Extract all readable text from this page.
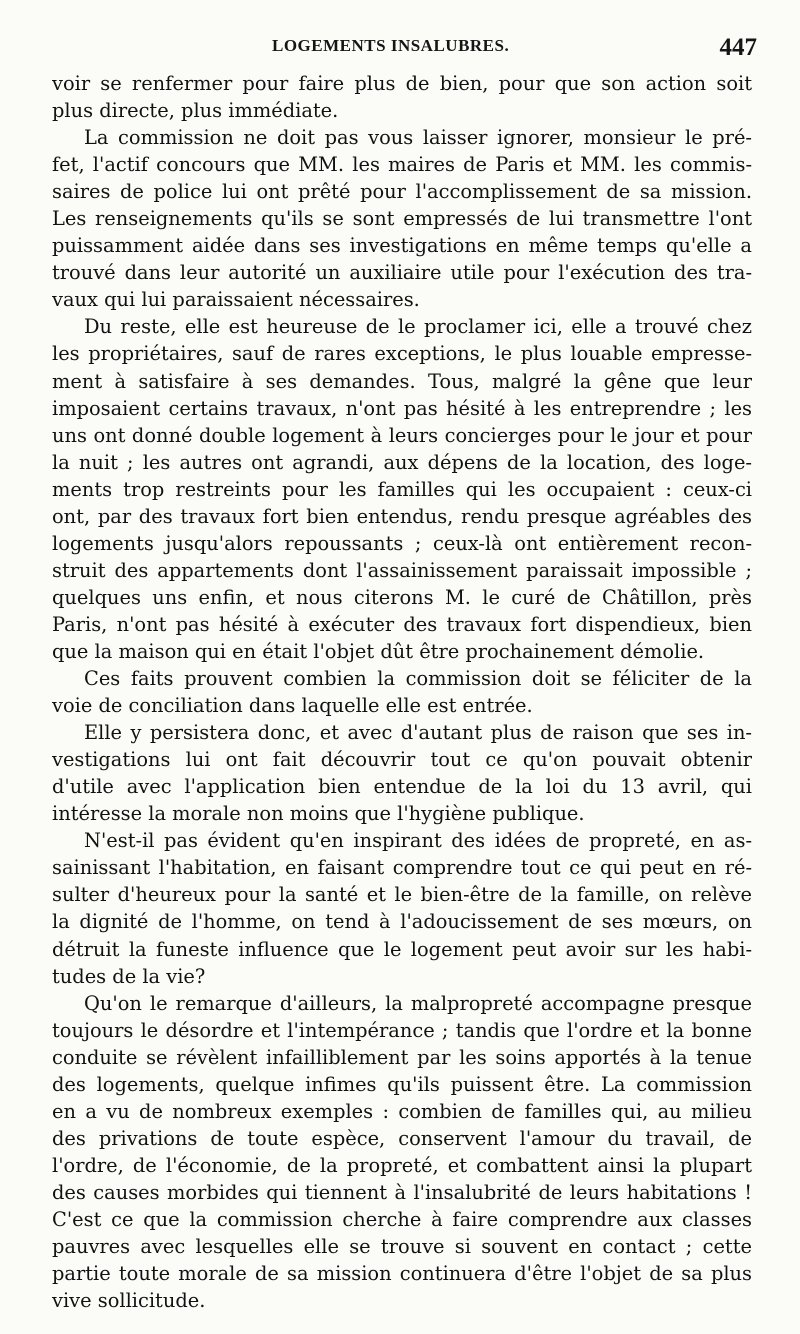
LOGEMENTS INSALUBRES.	447
voir se renfermer pour faire plus de bien, pour que son action soit
plus directe, plus immédiate.
La commission ne doit pas vous laisser ignorer, monsieur le pré-
fet, l'actif concours que MM. les maires de Paris et MM. les commis-
saires de police lui ont prêté pour l'accomplissement de sa mission.
Les renseignements qu'ils se sont empressés de lui transmettre l'ont
puissamment aidée dans ses investigations en même temps qu'elle a
trouvé dans leur autorité un auxiliaire utile pour l'exécution des tra-
vaux qui lui paraissaient nécessaires.
Du reste, elle est heureuse de le proclamer ici, elle a trouvé chez
les propriétaires, sauf de rares exceptions, le plus louable empresse-
ment à satisfaire à ses demandes. Tous, malgré la gêne que leur
imposaient certains travaux, n'ont pas hésité à les entreprendre ; les
uns ont donné double logement à leurs concierges pour le jour et pour
la nuit ; les autres ont agrandi, aux dépens de la location, des loge-
ments trop restreints pour les familles qui les occupaient : ceux-ci
ont, par des travaux fort bien entendus, rendu presque agréables des
logements jusqu'alors repoussants ; ceux-là ont entièrement recon-
struit des appartements dont l'assainissement paraissait impossible ;
quelques uns enfin, et nous citerons M. le curé de Châtillon, près
Paris, n'ont pas hésité à exécuter des travaux fort dispendieux, bien
que la maison qui en était l'objet dût être prochainement démolie.
Ces faits prouvent combien la commission doit se féliciter de la
voie de conciliation dans laquelle elle est entrée.
Elle y persistera donc, et avec d'autant plus de raison que ses in-
vestigations lui ont fait découvrir tout ce qu'on pouvait obtenir
d'utile avec l'application bien entendue de la loi du 13 avril, qui
intéresse la morale non moins que l'hygiène publique.
N'est-il pas évident qu'en inspirant des idées de propreté, en as-
sainissant l'habitation, en faisant comprendre tout ce qui peut en ré-
sulter d'heureux pour la santé et le bien-être de la famille, on relève
la dignité de l'homme, on tend à l'adoucissement de ses mœurs, on
détruit la funeste influence que le logement peut avoir sur les habi-
tudes de la vie?
Qu'on le remarque d'ailleurs, la malpropreté accompagne presque
toujours le désordre et l'intempérance ; tandis que l'ordre et la bonne
conduite se révèlent infailliblement par les soins apportés à la tenue
des logements, quelque infimes qu'ils puissent être. La commission
en a vu de nombreux exemples : combien de familles qui, au milieu
des privations de toute espèce, conservent l'amour du travail, de
l'ordre, de l'économie, de la propreté, et combattent ainsi la plupart
des causes morbides qui tiennent à l'insalubrité de leurs habitations !
C'est ce que la commission cherche à faire comprendre aux classes
pauvres avec lesquelles elle se trouve si souvent en contact ; cette
partie toute morale de sa mission continuera d'être l'objet de sa plus
vive sollicitude.
